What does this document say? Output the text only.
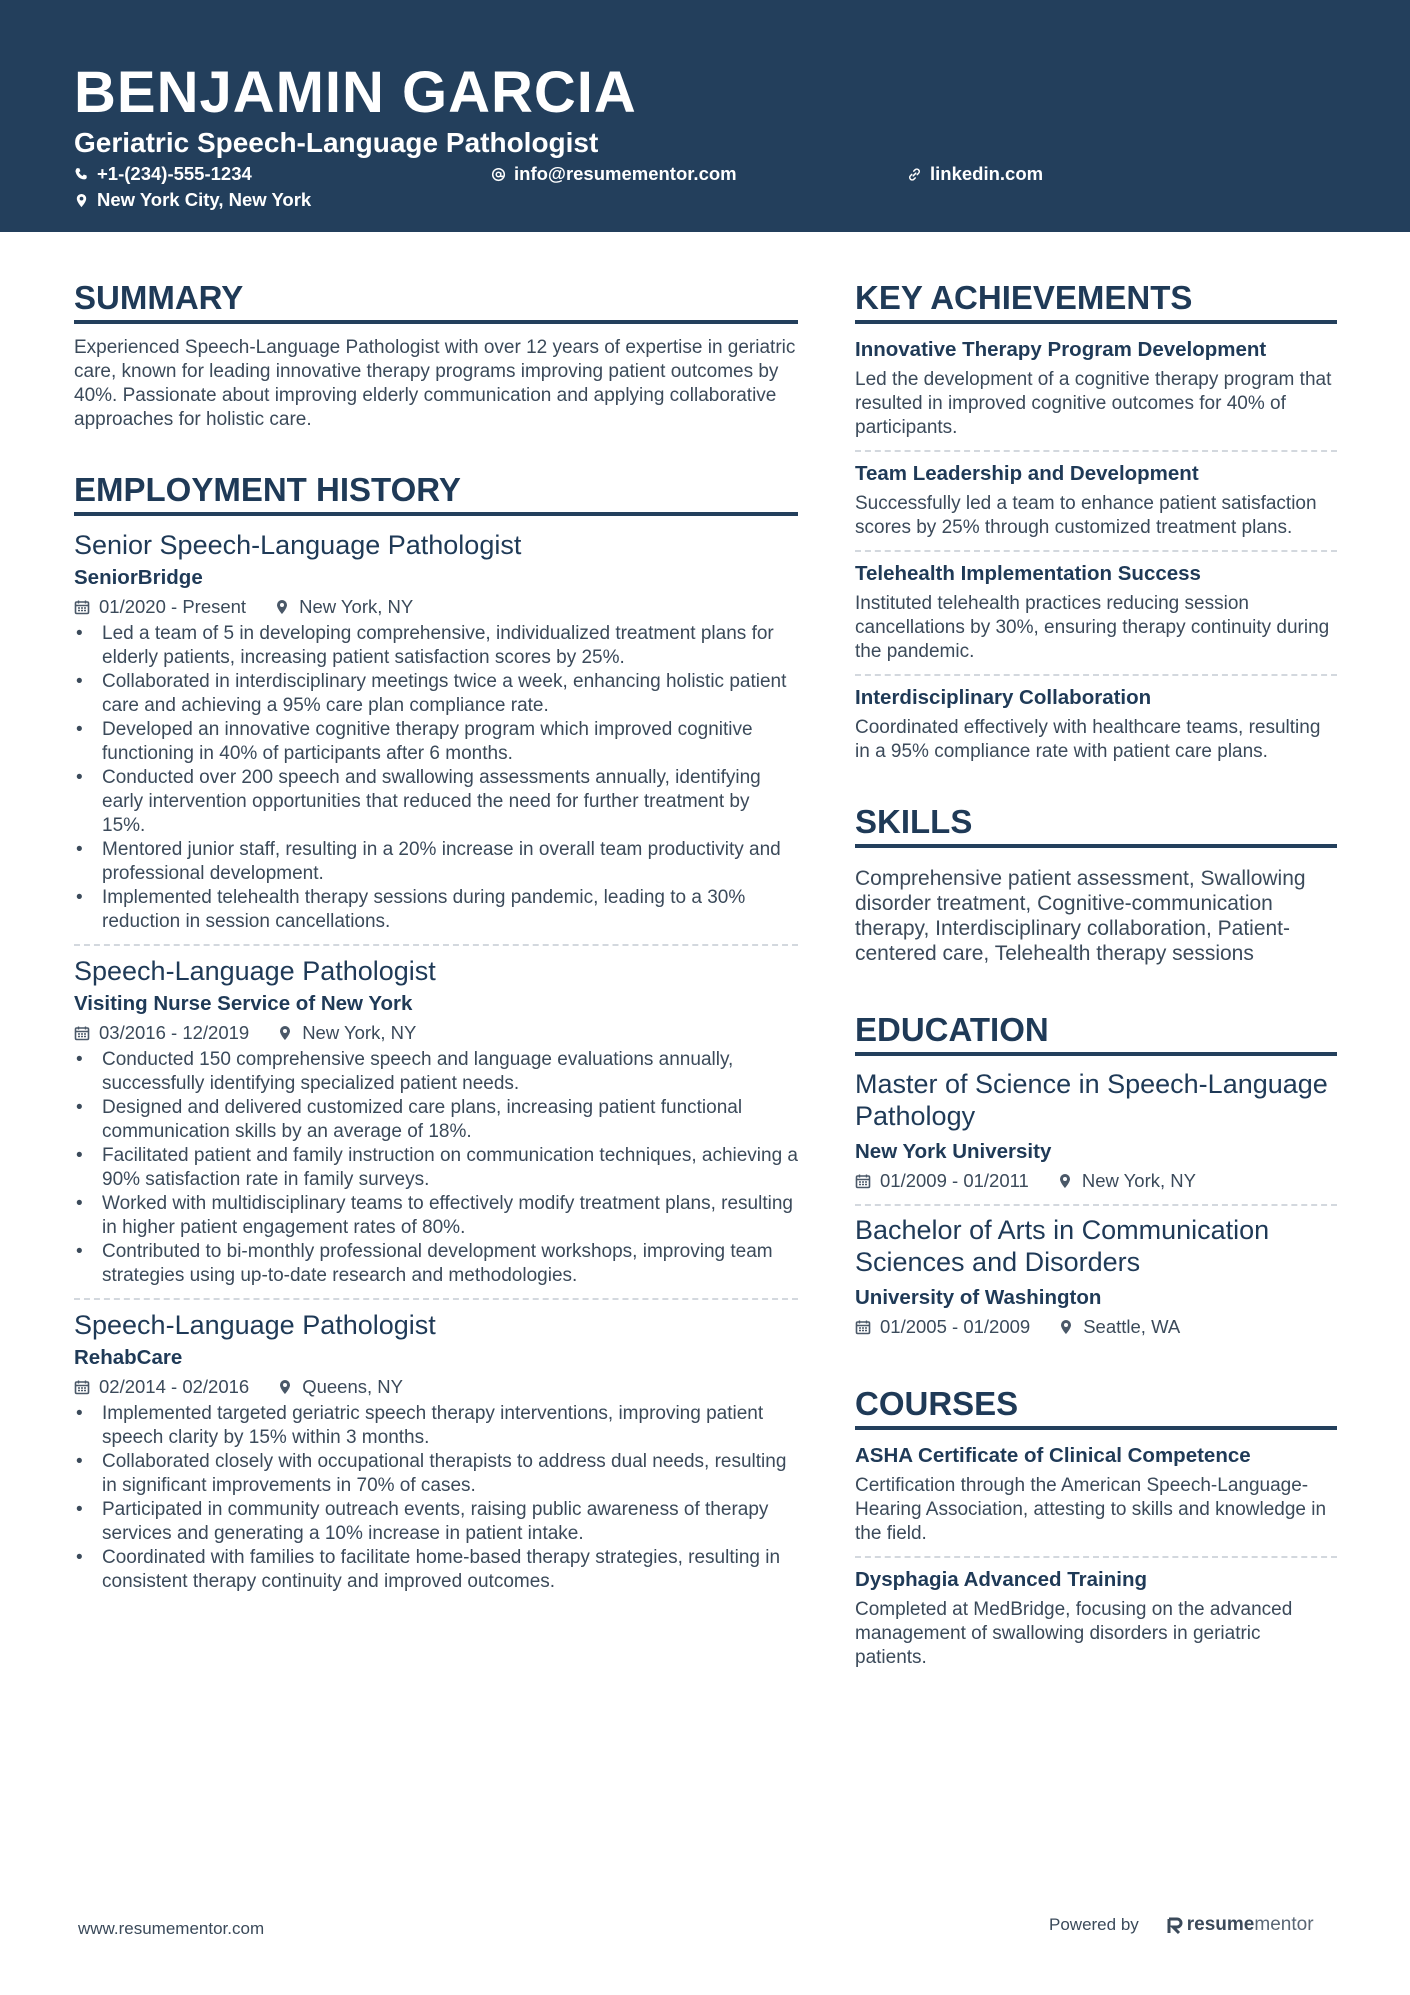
BENJAMIN GARCIA
Geriatric Speech-Language Pathologist
+1-(234)-555-1234	info@resumementor.com	linkedin.com
New York City, New York
SUMMARY
Experienced Speech-Language Pathologist with over 12 years of expertise in geriatric care, known for leading innovative therapy programs improving patient outcomes by 40%. Passionate about improving elderly communication and applying collaborative approaches for holistic care.
EMPLOYMENT HISTORY
Senior Speech-Language Pathologist
SeniorBridge
01/2020 - Present	New York, NY
• Led a team of 5 in developing comprehensive, individualized treatment plans for elderly patients, increasing patient satisfaction scores by 25%.
• Collaborated in interdisciplinary meetings twice a week, enhancing holistic patient care and achieving a 95% care plan compliance rate.
• Developed an innovative cognitive therapy program which improved cognitive functioning in 40% of participants after 6 months.
• Conducted over 200 speech and swallowing assessments annually, identifying early intervention opportunities that reduced the need for further treatment by 15%.
• Mentored junior staff, resulting in a 20% increase in overall team productivity and professional development.
• Implemented telehealth therapy sessions during pandemic, leading to a 30% reduction in session cancellations.
Speech-Language Pathologist
Visiting Nurse Service of New York
03/2016 - 12/2019	New York, NY
• Conducted 150 comprehensive speech and language evaluations annually, successfully identifying specialized patient needs.
• Designed and delivered customized care plans, increasing patient functional communication skills by an average of 18%.
• Facilitated patient and family instruction on communication techniques, achieving a 90% satisfaction rate in family surveys.
• Worked with multidisciplinary teams to effectively modify treatment plans, resulting in higher patient engagement rates of 80%.
• Contributed to bi-monthly professional development workshops, improving team strategies using up-to-date research and methodologies.
Speech-Language Pathologist
RehabCare
02/2014 - 02/2016	Queens, NY
• Implemented targeted geriatric speech therapy interventions, improving patient speech clarity by 15% within 3 months.
• Collaborated closely with occupational therapists to address dual needs, resulting in significant improvements in 70% of cases.
• Participated in community outreach events, raising public awareness of therapy services and generating a 10% increase in patient intake.
• Coordinated with families to facilitate home-based therapy strategies, resulting in consistent therapy continuity and improved outcomes.
KEY ACHIEVEMENTS
Innovative Therapy Program Development
Led the development of a cognitive therapy program that resulted in improved cognitive outcomes for 40% of participants.
Team Leadership and Development
Successfully led a team to enhance patient satisfaction scores by 25% through customized treatment plans.
Telehealth Implementation Success
Instituted telehealth practices reducing session cancellations by 30%, ensuring therapy continuity during the pandemic.
Interdisciplinary Collaboration
Coordinated effectively with healthcare teams, resulting in a 95% compliance rate with patient care plans.
SKILLS
Comprehensive patient assessment, Swallowing disorder treatment, Cognitive-communication therapy, Interdisciplinary collaboration, Patient-centered care, Telehealth therapy sessions
EDUCATION
Master of Science in Speech-Language Pathology
New York University
01/2009 - 01/2011	New York, NY
Bachelor of Arts in Communication Sciences and Disorders
University of Washington
01/2005 - 01/2009	Seattle, WA
COURSES
ASHA Certificate of Clinical Competence
Certification through the American Speech-Language-Hearing Association, attesting to skills and knowledge in the field.
Dysphagia Advanced Training
Completed at MedBridge, focusing on the advanced management of swallowing disorders in geriatric patients.
www.resumementor.com	Powered by	resume mentor
